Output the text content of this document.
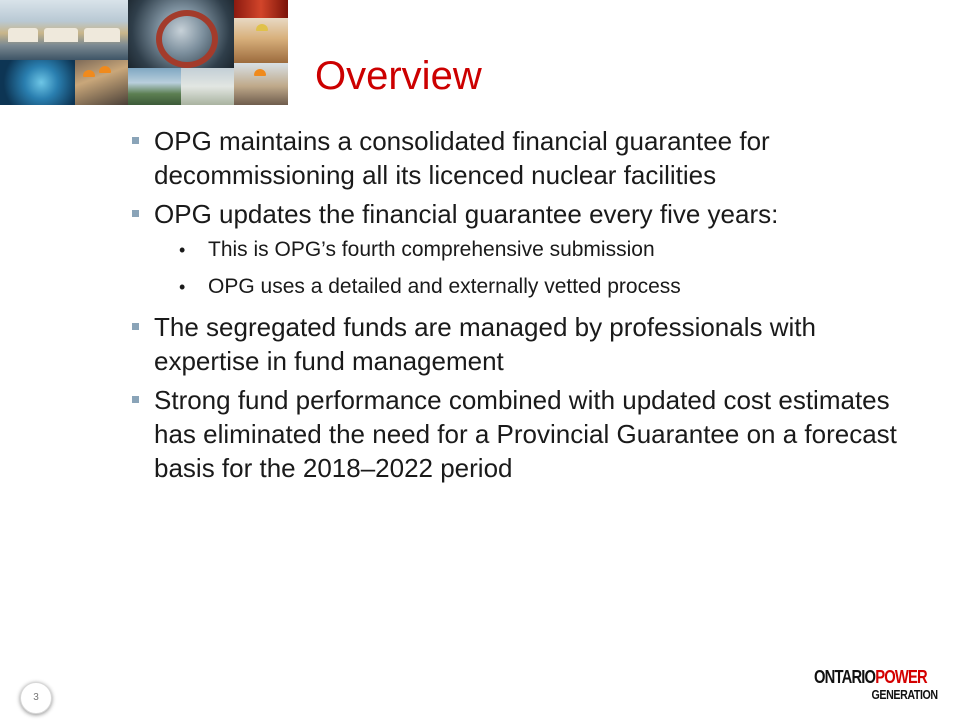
Overview
OPG maintains a consolidated financial guarantee for decommissioning all its licenced nuclear facilities
OPG updates the financial guarantee every five years:
• This is OPG’s fourth comprehensive submission
• OPG uses a detailed and externally vetted process
The segregated funds are managed by professionals with expertise in fund management
Strong fund performance combined with updated cost estimates has eliminated the need for a Provincial Guarantee on a forecast basis for the 2018–2022 period
3
ONTARIOPOWER
GENERATION
